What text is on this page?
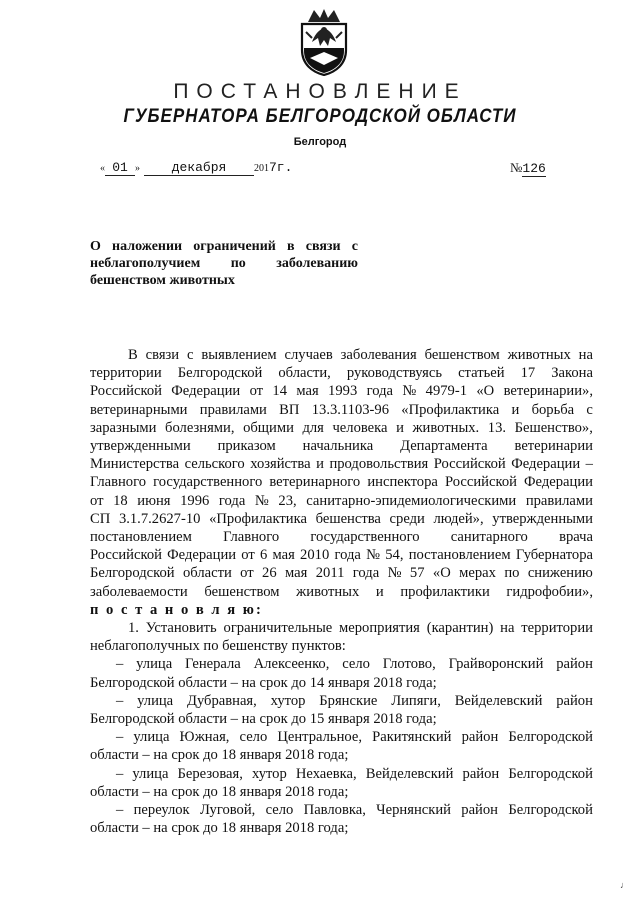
ПОСТАНОВЛЕНИЕ
ГУБЕРНАТОРА БЕЛГОРОДСКОЙ ОБЛАСТИ
Белгород
« 01 » декабря	2017г.	№126
О наложении ограничений в связи с
неблагополучием по заболеванию
бешенством животных
В связи с выявлением случаев заболевания бешенством животных на
территории Белгородской области, руководствуясь статьей 17 Закона
Российской Федерации от 14 мая 1993 года № 4979-1 «О ветеринарии»,
ветеринарными правилами ВП 13.3.1103-96 «Профилактика и борьба с
заразными болезнями, общими для человека и животных. 13. Бешенство»,
утвержденными приказом начальника Департамента ветеринарии
Министерства сельского хозяйства и продовольствия Российской Федерации –
Главного государственного ветеринарного инспектора Российской Федерации
от 18 июня 1996 года № 23, санитарно-эпидемиологическими правилами
СП 3.1.7.2627-10 «Профилактика бешенства среди людей», утвержденными
постановлением Главного государственного санитарного врача
Российской Федерации от 6 мая 2010 года № 54, постановлением Губернатора
Белгородской области от 26 мая 2011 года № 57 «О мерах по снижению
заболеваемости бешенством животных и профилактики гидрофобии»,
п о с т а н о в л я ю:
1. Установить ограничительные мероприятия (карантин) на территории
неблагополучных по бешенству пунктов:
– улица Генерала Алексеенко, село Глотово, Грайворонский район
Белгородской области – на срок до 14 января 2018 года;
– улица Дубравная, хутор Брянские Липяги, Вейделевский район
Белгородской области – на срок до 15 января 2018 года;
– улица Южная, село Центральное, Ракитянский район Белгородской
области – на срок до 18 января 2018 года;
– улица Березовая, хутор Нехаевка, Вейделевский район Белгородской
области – на срок до 18 января 2018 года;
– переулок Луговой, село Павловка, Чернянский район Белгородской
области – на срок до 18 января 2018 года;
♩
